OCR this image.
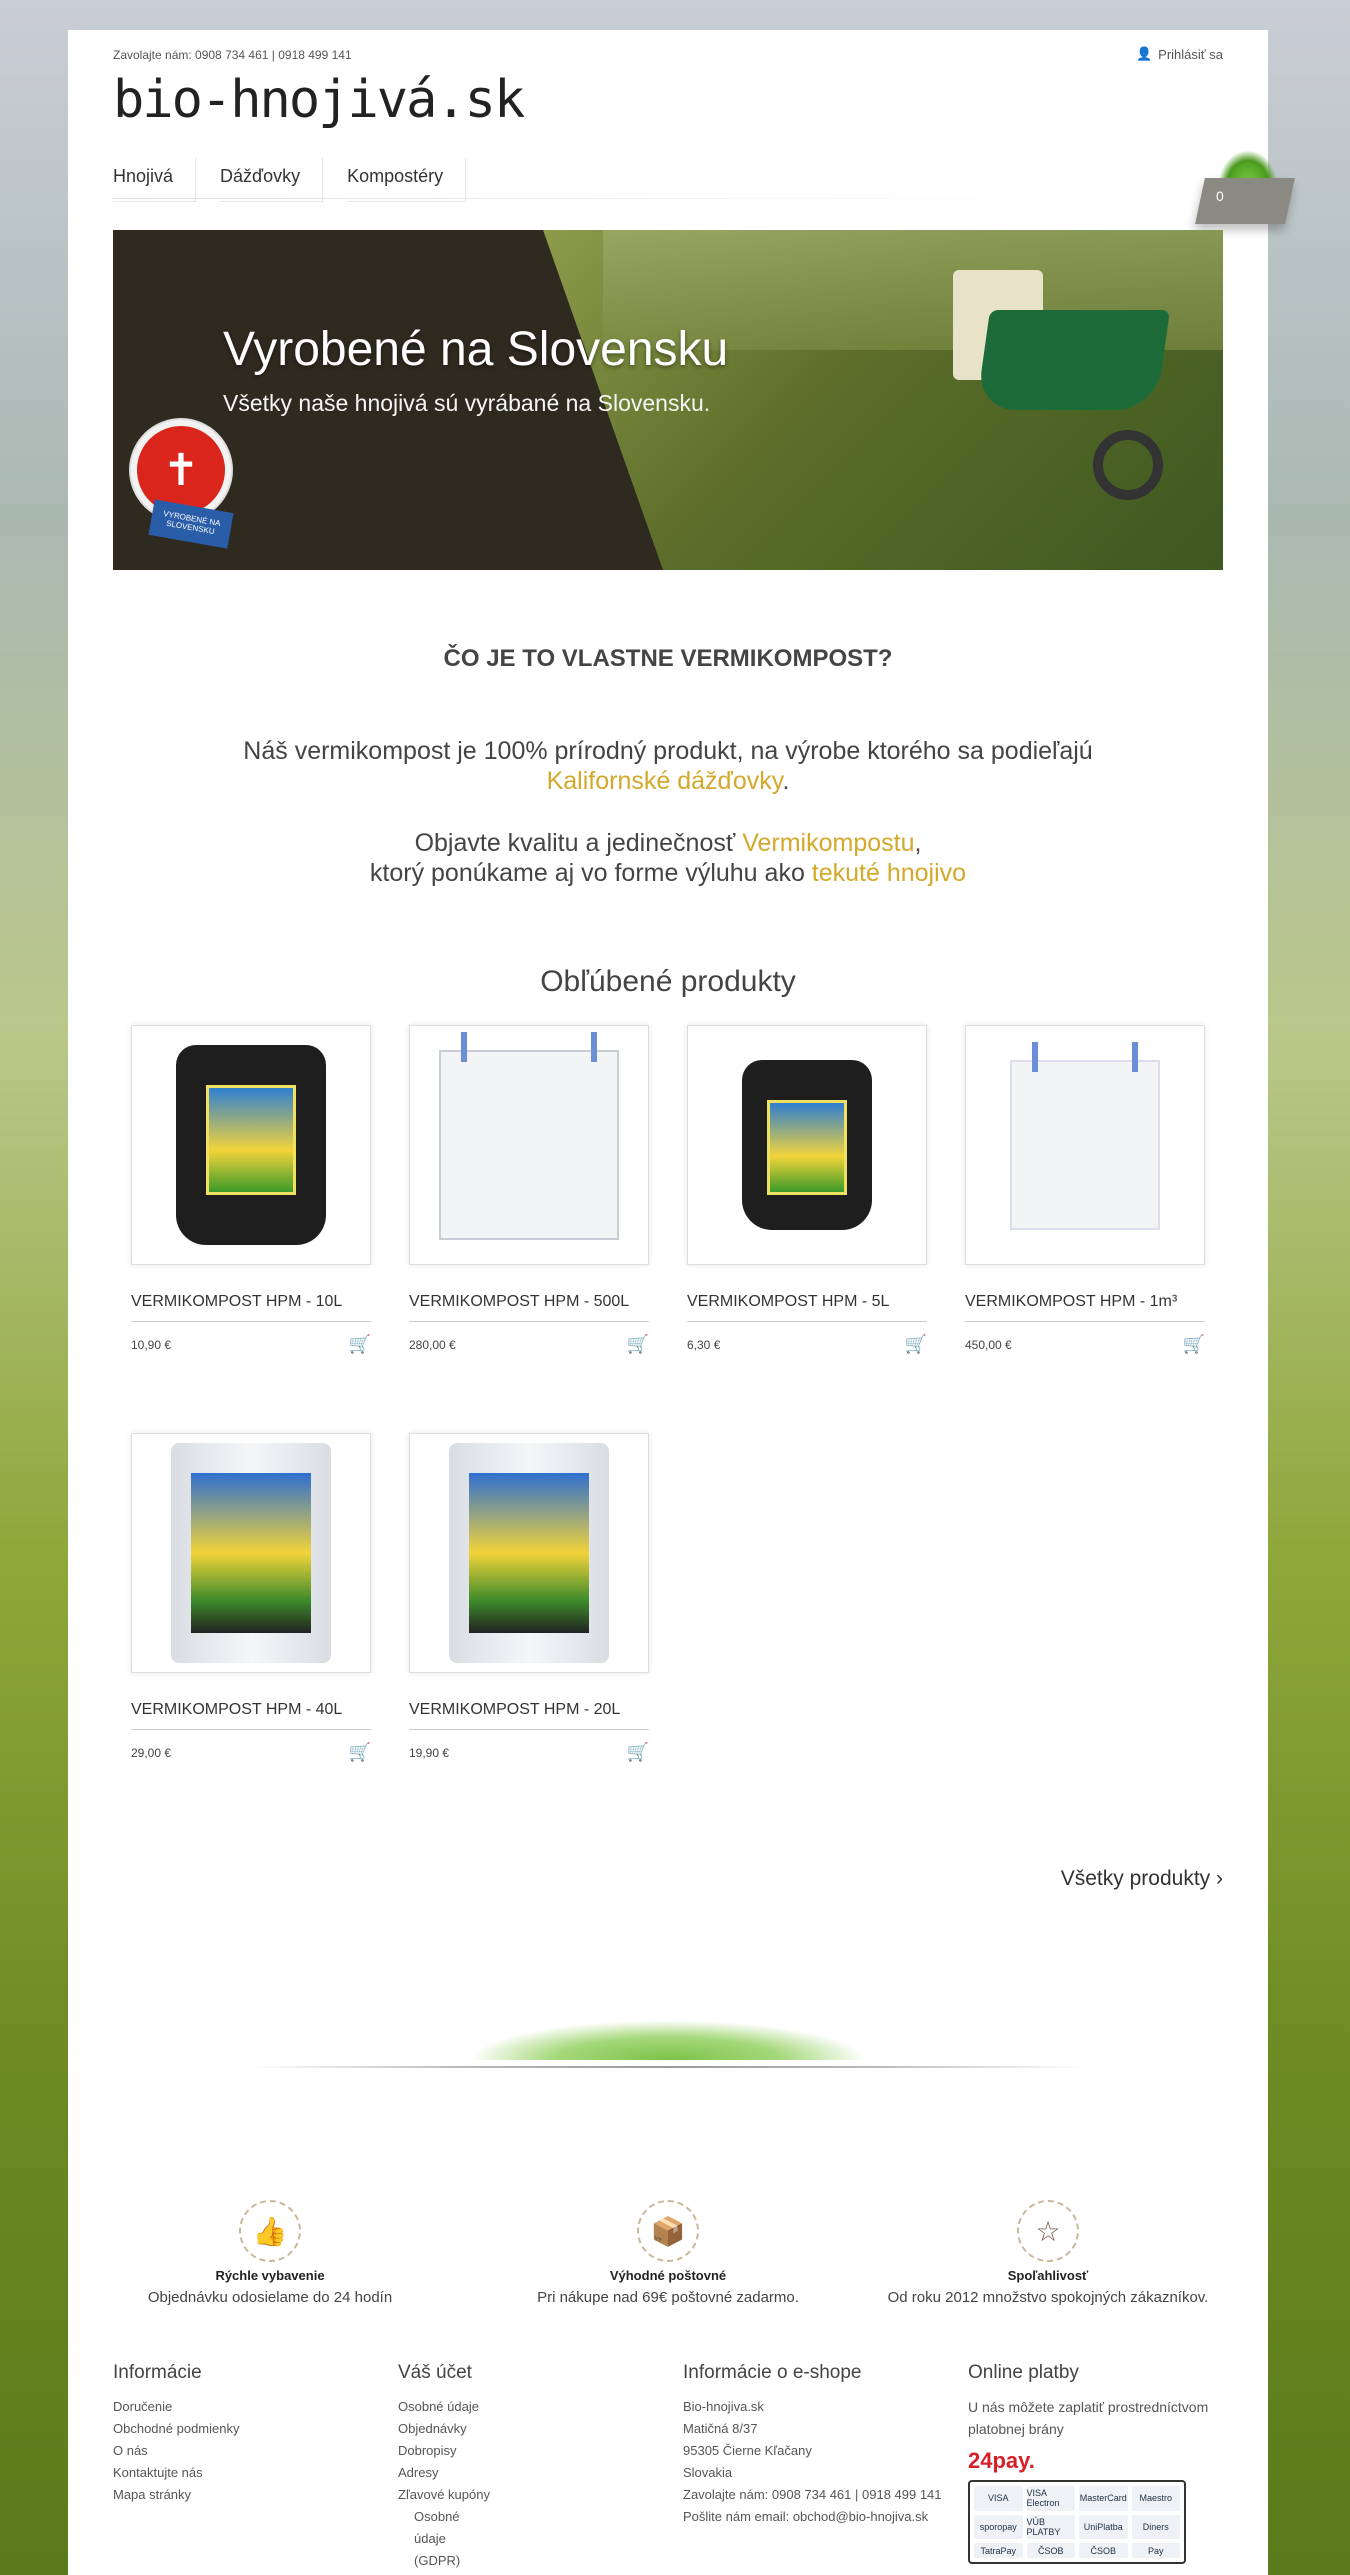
Zavolajte nám: 0908 734 461 | 0918 499 141	👤 Prihlásiť sa
bio-hnojivá.sk
Hnojivá	Dážďovky	Kompostéry
0
Vyrobené na Slovensku

Všetky naše hnojivá sú vyrábané na Slovensku.

✝
VYROBENÉ NA SLOVENSKU
ČO JE TO VLASTNE VERMIKOMPOST?
Náš vermikompost je 100% prírodný produkt, na výrobe ktorého sa podieľajú
Kalifornské dážďovky.
Objavte kvalitu a jedinečnosť Vermikompostu,
ktorý ponúkame aj vo forme výluhu ako tekuté hnojivo
Obľúbené produkty
VERMIKOMPOST HPM - 10L
10,90 €	🛒
VERMIKOMPOST HPM - 500L
280,00 €	🛒
VERMIKOMPOST HPM - 5L
6,30 €	🛒
VERMIKOMPOST HPM - 1m³
450,00 €	🛒
VERMIKOMPOST HPM - 40L
29,00 €	🛒
VERMIKOMPOST HPM - 20L
19,90 €	🛒
Všetky produkty ›
👍
Rýchle vybavenie
Objednávku odosielame do 24 hodín
📦
Výhodné poštovné
Pri nákupe nad 69€ poštovné zadarmo.
☆
Spoľahlivosť
Od roku 2012 množstvo spokojných zákazníkov.
Informácie
Doručenie
Obchodné podmienky
O nás
Kontaktujte nás
Mapa stránky
Váš účet
Osobné údaje
Objednávky
Dobropisy
Adresy
Zľavové kupóny
Osobné
údaje
(GDPR)
Informácie o e-shope
Bio-hnojiva.sk
Matičná 8/37
95305 Čierne Kľačany
Slovakia
Zavolajte nám: 0908 734 461 | 0918 499 141
Pošlite nám email: obchod@bio-hnojiva.sk
Online platby
U nás môžete zaplatiť prostredníctvom platobnej brány
24pay.
VISA	VISA Electron	MasterCard	Maestro
sporopay	VÚB PLATBY	UniPlatba	Diners
TatraPay	ČSOB	ČSOB	Pay
